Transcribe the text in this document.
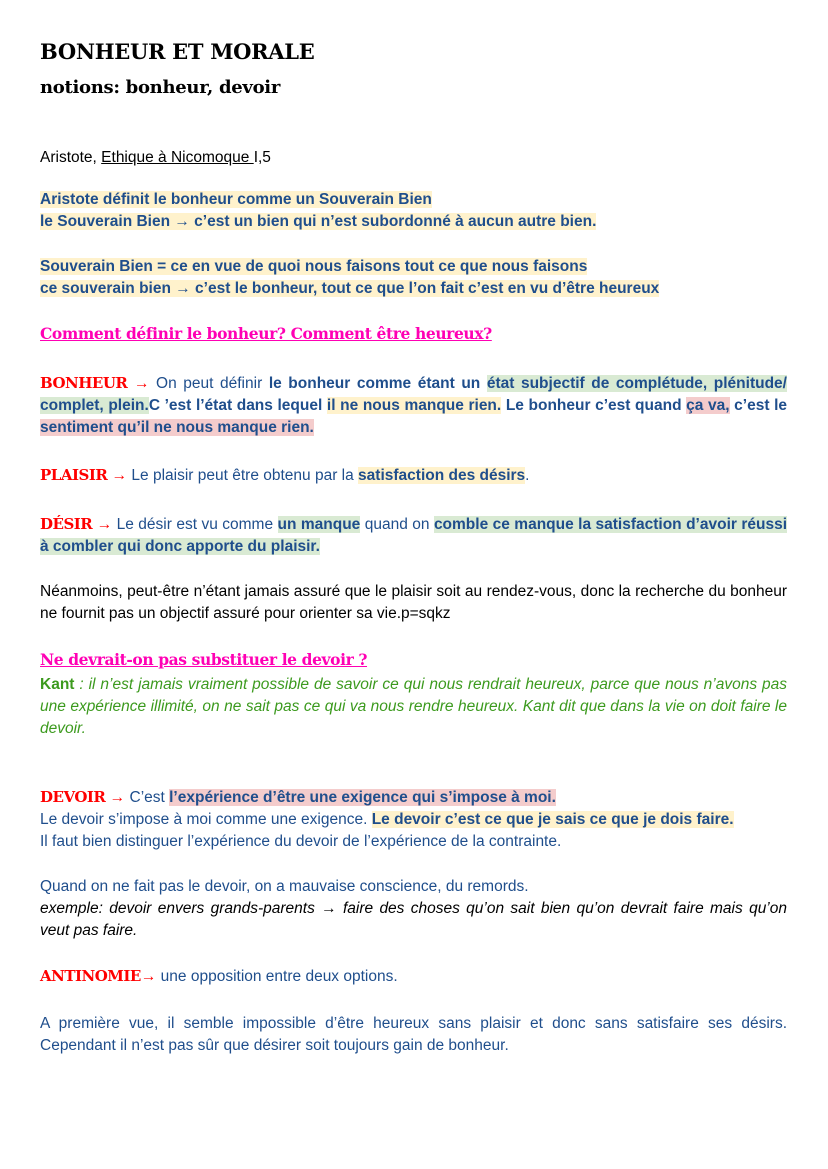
BONHEUR ET MORALE
notions: bonheur, devoir
Aristote, Ethique à Nicomoque I,5
Aristote définit le bonheur comme un Souverain Bien
le Souverain Bien → c’est un bien qui n’est subordonné à aucun autre bien.
Souverain Bien = ce en vue de quoi nous faisons tout ce que nous faisons
ce souverain bien → c’est le bonheur, tout ce que l’on fait c’est en vu d’être heureux
Comment définir le bonheur? Comment être heureux?
BONHEUR → On peut définir le bonheur comme étant un état subjectif de complétude, plénitude/ complet, plein.C ’est l’état dans lequel il ne nous manque rien. Le bonheur c’est quand ça va, c’est le sentiment qu’il ne nous manque rien.
PLAISIR → Le plaisir peut être obtenu par la satisfaction des désirs.
DÉSIR → Le désir est vu comme un manque quand on comble ce manque la satisfaction d’avoir réussi à combler qui donc apporte du plaisir.
Néanmoins, peut-être n’étant jamais assuré que le plaisir soit au rendez-vous, donc la recherche du bonheur ne fournit pas un objectif assuré pour orienter sa vie.p=sqkz
Ne devrait-on pas substituer le devoir ?
Kant : il n’est jamais vraiment possible de savoir ce qui nous rendrait heureux, parce que nous n’avons pas une expérience illimité, on ne sait pas ce qui va nous rendre heureux. Kant dit que dans la vie on doit faire le devoir.
DEVOIR → C’est l’expérience d’être une exigence qui s’impose à moi.
Le devoir s’impose à moi comme une exigence. Le devoir c’est ce que je sais ce que je dois faire.
Il faut bien distinguer l’expérience du devoir de l’expérience de la contrainte.
Quand on ne fait pas le devoir, on a mauvaise conscience, du remords.
exemple: devoir envers grands-parents → faire des choses qu’on sait bien qu’on devrait faire mais qu’on veut pas faire.
ANTINOMIE→ une opposition entre deux options.
A première vue, il semble impossible d’être heureux sans plaisir et donc sans satisfaire ses désirs. Cependant il n’est pas sûr que désirer soit toujours gain de bonheur.
